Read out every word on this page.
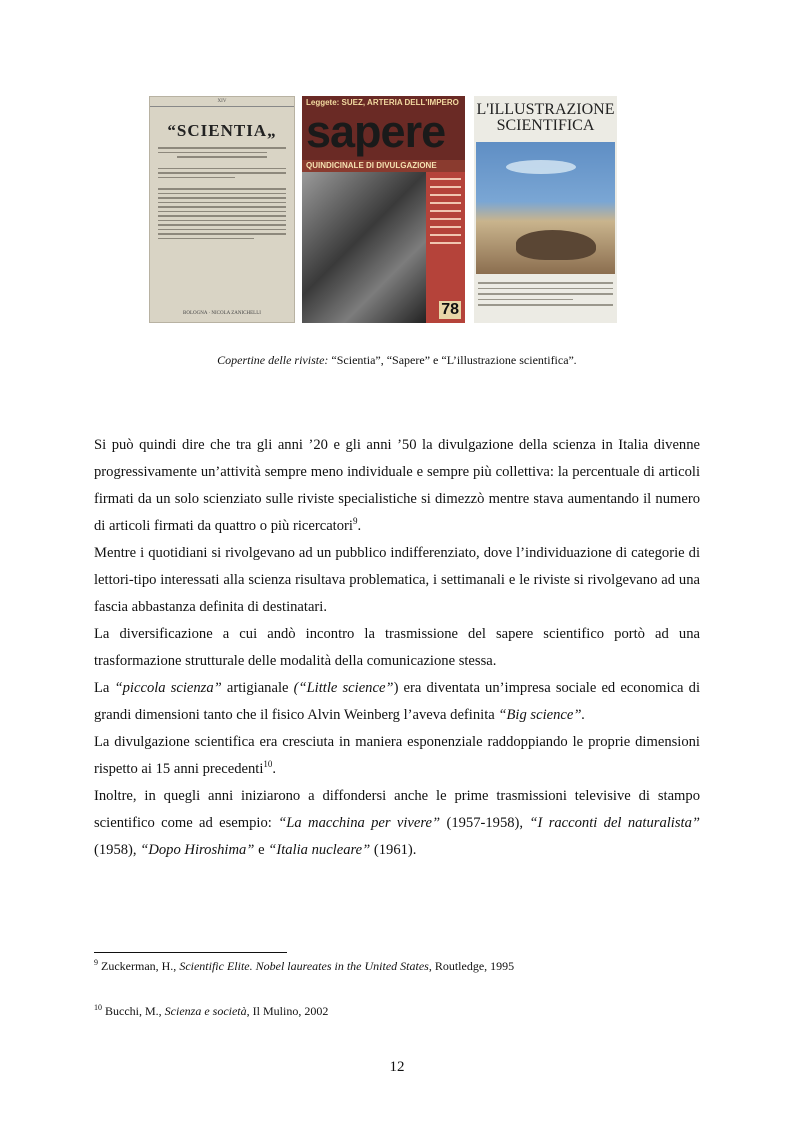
XIV
“SCIENTIA„
BOLOGNA · NICOLA ZANICHELLI
Leggete: SUEZ, ARTERIA DELL'IMPERO
sapere
QUINDICINALE DI DIVULGAZIONE
78
L'ILLUSTRAZIONE
SCIENTIFICA

Copertine delle riviste: “Scientia”, “Sapere” e “L’illustrazione scientifica”.

Si può quindi dire che tra gli anni ’20 e gli anni ’50 la divulgazione della scienza in Italia divenne progressivamente un’attività sempre meno individuale e sempre più collettiva: la percentuale di articoli firmati da un solo scienziato sulle riviste specialistiche si dimezzò mentre stava aumentando il numero di articoli firmati da quattro o più ricercatori$^9$.

Mentre i quotidiani si rivolgevano ad un pubblico indifferenziato, dove l’individuazione di categorie di lettori-tipo interessati alla scienza risultava problematica, i settimanali e le riviste si rivolgevano ad una fascia abbastanza definita di destinatari.

La diversificazione a cui andò incontro la trasmissione del sapere scientifico portò ad una trasformazione strutturale delle modalità della comunicazione stessa.

La “piccola scienza” artigianale (“Little science”) era diventata un’impresa sociale ed economica di grandi dimensioni tanto che il fisico Alvin Weinberg l’aveva definita “Big science”.

La divulgazione scientifica era cresciuta in maniera esponenziale raddoppiando le proprie dimensioni rispetto ai 15 anni precedenti$^{10}$.

Inoltre, in quegli anni iniziarono a diffondersi anche le prime trasmissioni televisive di stampo scientifico come ad esempio: “La macchina per vivere” (1957-1958), “I racconti del naturalista” (1958), “Dopo Hiroshima” e “Italia nucleare” (1961).

$^9$ Zuckerman, H., Scientific Elite. Nobel laureates in the United States, Routledge, 1995

$^{10}$ Bucchi, M., Scienza e società, Il Mulino, 2002

12
